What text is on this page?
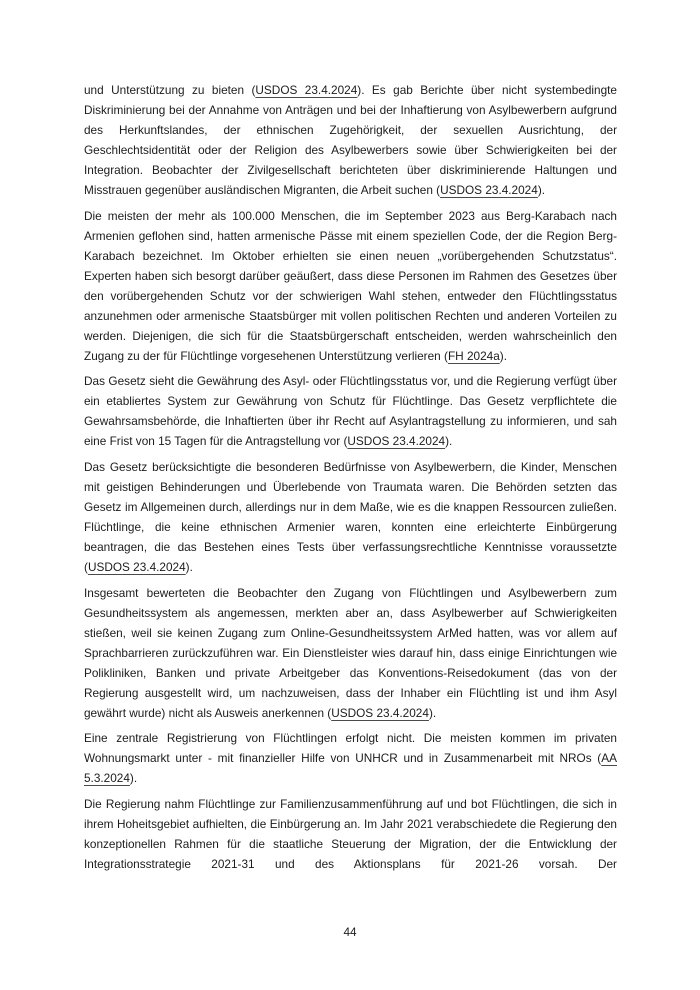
und Unterstützung zu bieten (USDOS 23.4.2024). Es gab Berichte über nicht systembedingte Diskriminierung bei der Annahme von Anträgen und bei der Inhaftierung von Asylbewerbern aufgrund des Herkunftslandes, der ethnischen Zugehörigkeit, der sexuellen Ausrichtung, der Geschlechtsidentität oder der Religion des Asylbewerbers sowie über Schwierigkeiten bei der Integration. Beobachter der Zivilgesellschaft berichteten über diskriminierende Haltungen und Misstrauen gegenüber ausländischen Migranten, die Arbeit suchen (USDOS 23.4.2024).

Die meisten der mehr als 100.000 Menschen, die im September 2023 aus Berg-Karabach nach Armenien geflohen sind, hatten armenische Pässe mit einem speziellen Code, der die Region Berg-Karabach bezeichnet. Im Oktober erhielten sie einen neuen „vorübergehenden Schutzstatus“. Experten haben sich besorgt darüber geäußert, dass diese Personen im Rahmen des Gesetzes über den vorübergehenden Schutz vor der schwierigen Wahl stehen, entweder den Flüchtlingsstatus anzunehmen oder armenische Staatsbürger mit vollen politischen Rechten und anderen Vorteilen zu werden. Diejenigen, die sich für die Staatsbürgerschaft entscheiden, werden wahrscheinlich den Zugang zu der für Flüchtlinge vorgesehenen Unterstützung verlieren (FH 2024a).

Das Gesetz sieht die Gewährung des Asyl- oder Flüchtlingsstatus vor, und die Regierung verfügt über ein etabliertes System zur Gewährung von Schutz für Flüchtlinge. Das Gesetz verpflichtete die Gewahrsamsbehörde, die Inhaftierten über ihr Recht auf Asylantragstellung zu informieren, und sah eine Frist von 15 Tagen für die Antragstellung vor (USDOS 23.4.2024).

Das Gesetz berücksichtigte die besonderen Bedürfnisse von Asylbewerbern, die Kinder, Menschen mit geistigen Behinderungen und Überlebende von Traumata waren. Die Behörden setzten das Gesetz im Allgemeinen durch, allerdings nur in dem Maße, wie es die knappen Ressourcen zuließen. Flüchtlinge, die keine ethnischen Armenier waren, konnten eine erleichterte Einbürgerung beantragen, die das Bestehen eines Tests über verfassungsrechtliche Kenntnisse voraussetzte (USDOS 23.4.2024).

Insgesamt bewerteten die Beobachter den Zugang von Flüchtlingen und Asylbewerbern zum Gesundheitssystem als angemessen, merkten aber an, dass Asylbewerber auf Schwierigkeiten stießen, weil sie keinen Zugang zum Online-Gesundheitssystem ArMed hatten, was vor allem auf Sprachbarrieren zurückzuführen war. Ein Dienstleister wies darauf hin, dass einige Einrichtungen wie Polikliniken, Banken und private Arbeitgeber das Konventions-Reisedokument (das von der Regierung ausgestellt wird, um nachzuweisen, dass der Inhaber ein Flüchtling ist und ihm Asyl gewährt wurde) nicht als Ausweis anerkennen (USDOS 23.4.2024).

Eine zentrale Registrierung von Flüchtlingen erfolgt nicht. Die meisten kommen im privaten Wohnungsmarkt unter - mit finanzieller Hilfe von UNHCR und in Zusammenarbeit mit NROs (AA 5.3.2024).

Die Regierung nahm Flüchtlinge zur Familienzusammenführung auf und bot Flüchtlingen, die sich in ihrem Hoheitsgebiet aufhielten, die Einbürgerung an. Im Jahr 2021 verabschiedete die Regierung den konzeptionellen Rahmen für die staatliche Steuerung der Migration, der die Entwicklung der Integrationsstrategie 2021-31 und des Aktionsplans für 2021-26 vorsah. Der

44
